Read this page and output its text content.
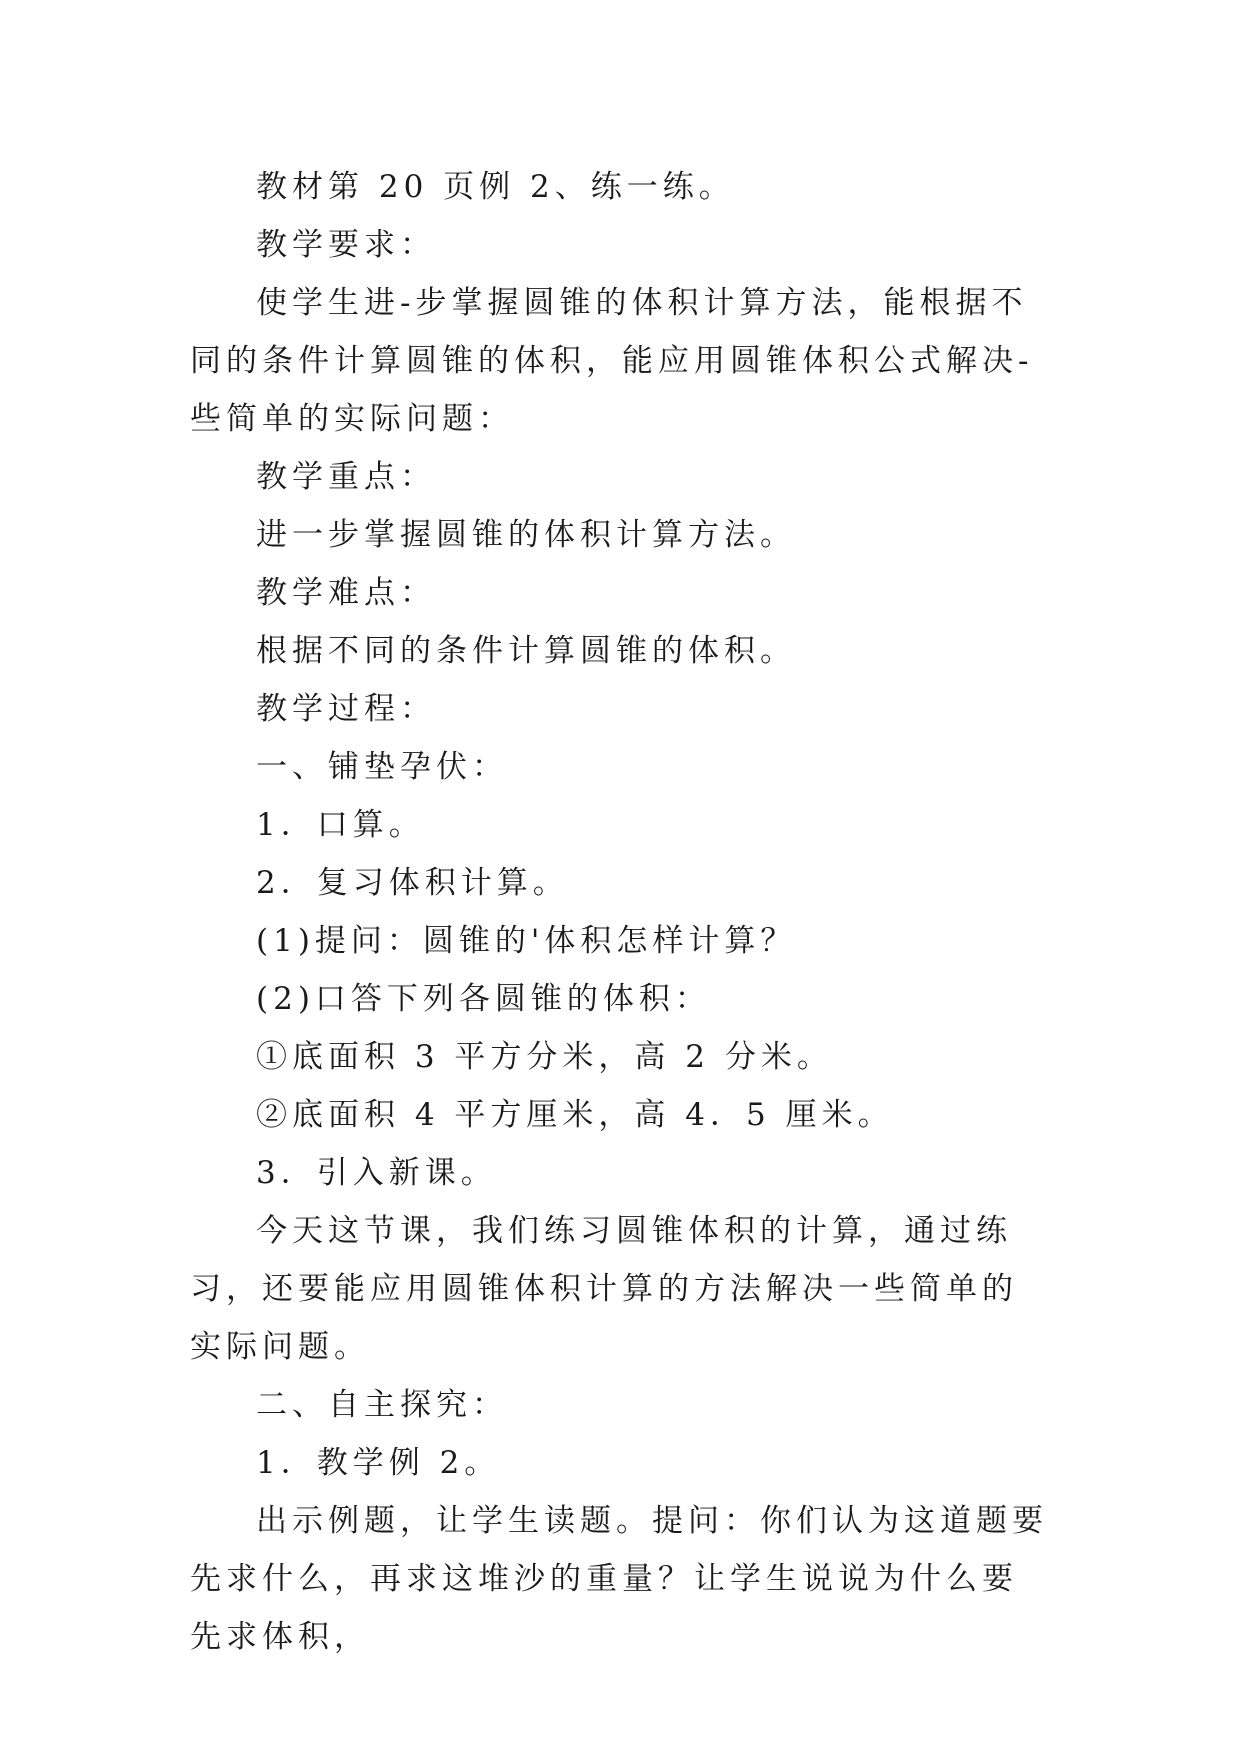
教材第 20 页例 2、练一练。

教学要求：

使学生进-步掌握圆锥的体积计算方法，能根据不同的条件计算圆锥的体积，能应用圆锥体积公式解决-些简单的实际问题：

教学重点：

进一步掌握圆锥的体积计算方法。

教学难点：

根据不同的条件计算圆锥的体积。

教学过程：

一、铺垫孕伏：

1．口算。

2．复习体积计算。

(1)提问：圆锥的'体积怎样计算？

(2)口答下列各圆锥的体积：

①底面积 3 平方分米，高 2 分米。

②底面积 4 平方厘米，高 4．5 厘米。

3．引入新课。

今天这节课，我们练习圆锥体积的计算，通过练习，还要能应用圆锥体积计算的方法解决一些简单的实际问题。

二、自主探究：

1．教学例 2。

出示例题，让学生读题。提问：你们认为这道题要先求什么，再求这堆沙的重量？让学生说说为什么要先求体积，
